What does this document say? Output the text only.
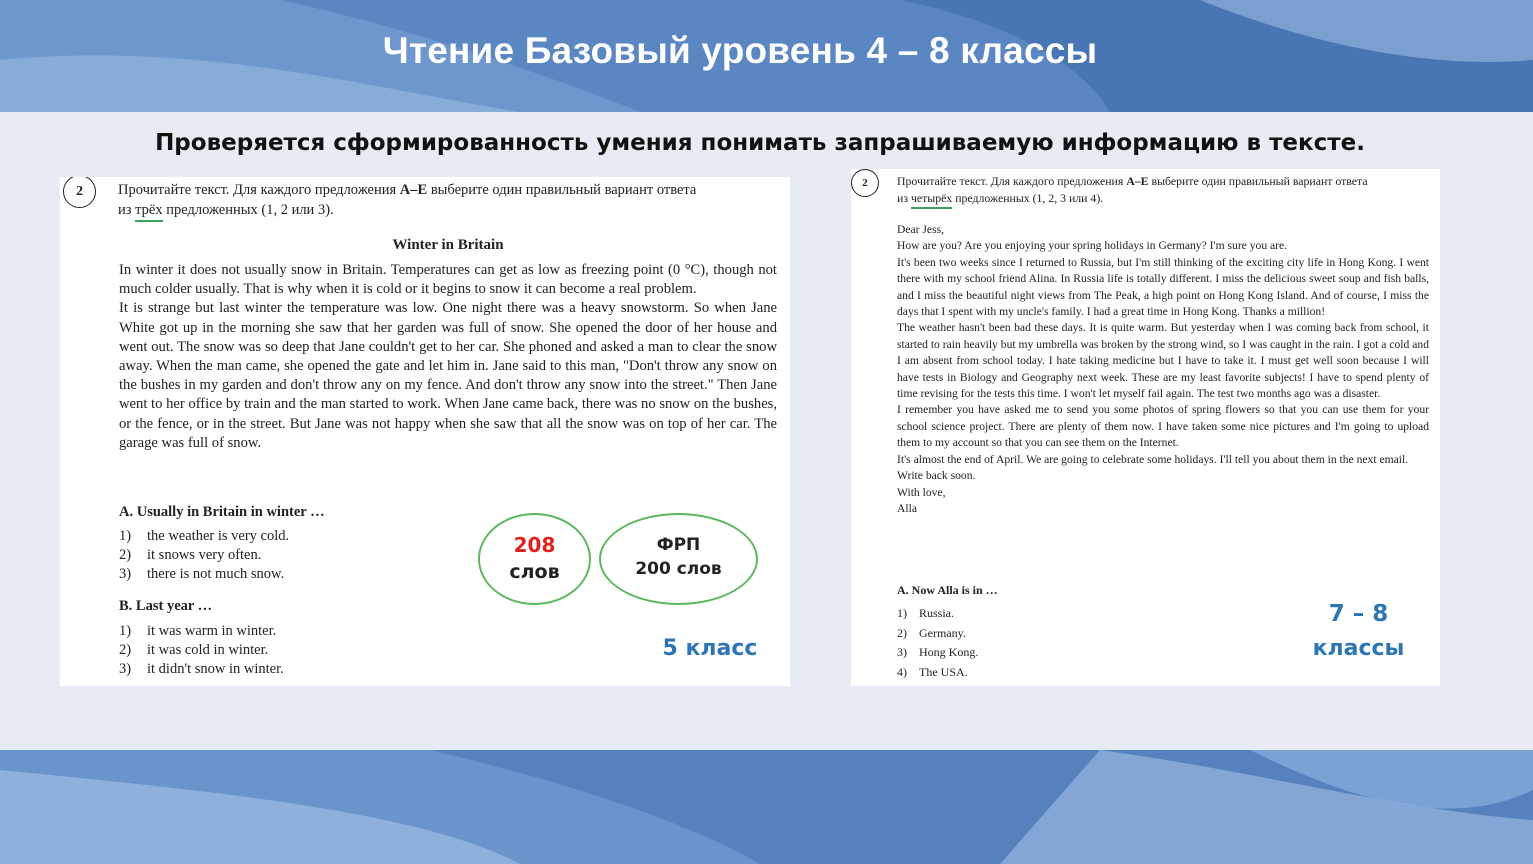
Чтение Базовый уровень 4 – 8 классы
Проверяется сформированность умения понимать запрашиваемую информацию в тексте.
2	Прочитайте текст. Для каждого предложения А–Е выберите один правильный вариант ответа
из трёх предложенных (1, 2 или 3).
Winter in Britain

In winter it does not usually snow in Britain. Temperatures can get as low as freezing point (0 °C), though not much colder usually. That is why when it is cold or it begins to snow it can become a real problem.

It is strange but last winter the temperature was low. One night there was a heavy snowstorm. So when Jane White got up in the morning she saw that her garden was full of snow. She opened the door of her house and went out. The snow was so deep that Jane couldn't get to her car. She phoned and asked a man to clear the snow away. When the man came, she opened the gate and let him in. Jane said to this man, "Don't throw any snow on the bushes in my garden and don't throw any on my fence. And don't throw any snow into the street." Then Jane went to her office by train and the man started to work. When Jane came back, there was no snow on the bushes, or the fence, or in the street. But Jane was not happy when she saw that all the snow was on top of her car. The garage was full of snow.

A. Usually in Britain in winter …
1) the weather is very cold.
2) it snows very often.
3) there is not much snow.
B. Last year …
1) it was warm in winter.
2) it was cold in winter.
3) it didn't snow in winter.
208
слов
ФРП
200 слов
5 класс
2	Прочитайте текст. Для каждого предложения А–Е выберите один правильный вариант ответа
из четырёх предложенных (1, 2, 3 или 4).

Dear Jess,

How are you? Are you enjoying your spring holidays in Germany? I'm sure you are.

It's been two weeks since I returned to Russia, but I'm still thinking of the exciting city life in Hong Kong. I went there with my school friend Alina. In Russia life is totally different. I miss the delicious sweet soup and fish balls, and I miss the beautiful night views from The Peak, a high point on Hong Kong Island. And of course, I miss the days that I spent with my uncle's family. I had a great time in Hong Kong. Thanks a million!

The weather hasn't been bad these days. It is quite warm. But yesterday when I was coming back from school, it started to rain heavily but my umbrella was broken by the strong wind, so I was caught in the rain. I got a cold and I am absent from school today. I hate taking medicine but I have to take it. I must get well soon because I will have tests in Biology and Geography next week. These are my least favorite subjects! I have to spend plenty of time revising for the tests this time. I won't let myself fail again. The test two months ago was a disaster.

I remember you have asked me to send you some photos of spring flowers so that you can use them for your school science project. There are plenty of them now. I have taken some nice pictures and I'm going to upload them to my account so that you can see them on the Internet.

It's almost the end of April. We are going to celebrate some holidays. I'll tell you about them in the next email.

Write back soon.

With love,

Alla

A. Now Alla is in …
1) Russia.
2) Germany.
3) Hong Kong.
4) The USA.
7 – 8
классы
